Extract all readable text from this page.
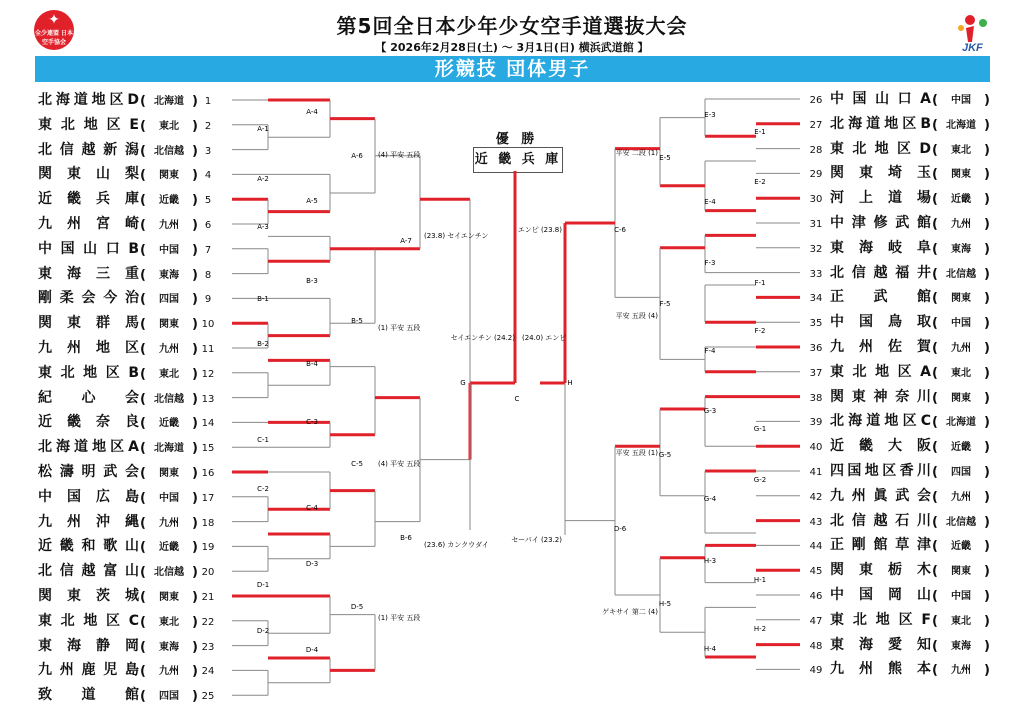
✦
全少連盟 日本空手協会	JKF
第5回全日本少年少女空手道選抜大会
【 2026年2月28日(土) ～ 3月1日(日) 横浜武道館 】
形競技 団体男子
優 勝
近 畿 兵 庫
北海道地区D ( 北海道 ) 1
東北地区E ( 東北 )	2
北信越新潟 ( 北信越 ) 3
関東山梨 ( 関東 )	4
近畿兵庫 ( 近畿 )	5
九州宮崎 ( 九州 )	6
中国山口B ( 中国 )	7
東海三重 ( 東海 )	8
剛柔会今治 ( 四国 )	9
関東群馬 ( 関東 ) 10
九州地区 ( 九州 ) 11
東北地区B ( 東北 ) 12
紀心会 ( 北信越 ) 13
近畿奈良 ( 近畿 ) 14
北海道地区A ( 北海道 ) 15
松濤明武会 ( 関東 ) 16
中国広島 ( 中国 ) 17
九州沖縄 ( 九州 ) 18
近畿和歌山 ( 近畿 ) 19
北信越富山 ( 北信越 ) 20
関東茨城 ( 関東 ) 21
東北地区C ( 東北 ) 22
東海静岡 ( 東海 ) 23
九州鹿児島 ( 九州 ) 24
致道館 ( 四国 ) 25
26 中国山口A ( 中国 )
27 北海道地区B ( 北海道 )
28 東北地区D ( 東北 )
29 関東埼玉 ( 関東 )
30 河上道場 ( 近畿 )
31 中津修武館 ( 九州 )
32 東海岐阜 ( 東海 )
33 北信越福井 ( 北信越 )
34 正武館 ( 関東 )
35 中国鳥取 ( 中国 )
36 九州佐賀 ( 九州 )
37 東北地区A ( 東北 )
38 関東神奈川 ( 関東 )
39 北海道地区C ( 北海道 )
40 近畿大阪 ( 近畿 )
41 四国地区香川 ( 四国 )
42 九州眞武会 ( 九州 )
43 北信越石川 ( 北信越 )
44 正剛館草津 ( 近畿 )
45 関東栃木 ( 関東 )
46 中国岡山 ( 中国 )
47 東北地区F ( 東北 )
48 東海愛知 ( 東海 )
49 九州熊本 ( 九州 )
セイエンチン (24.2) (24.0) エンピ
(23.8) セイエンチン
(23.6) カンクウダイ
エンピ (23.8)
セーパイ (23.2)
(4) 平安 五段
(1) 平安 五段
(4) 平安 五段
(1) 平安 五段
平安 二段 (1)
平安 五段 (4)
平安 五段 (1)
ゲキサイ 第二 (4)
A-1
A-2
A-3
A-4
A-5
A-6
A-7
B-1
B-2
B-3
B-4
B-5
B-6
C-1
C-2
C-3
C-4
C-5
D-1
D-2
D-3
D-4
D-5
E-1
E-2
E-3
E-4
E-5
C-6
F-1
F-2
F-3
F-4
F-5
G-1
G-2
G-3
G-4
G-5
D-6
H-1
H-2
H-3
H-4
H-5
G	H
C
